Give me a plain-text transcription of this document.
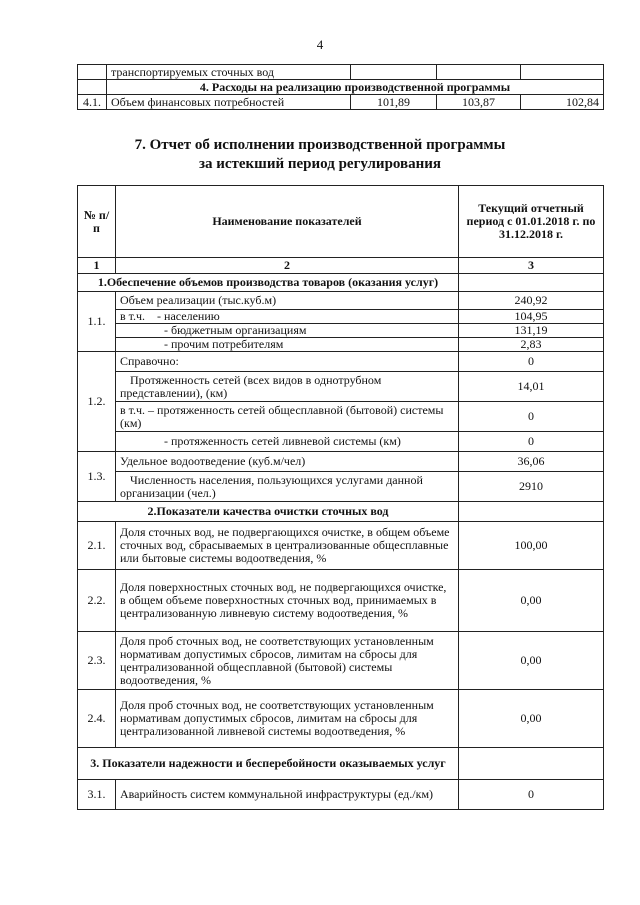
4
	транспортируемых сточных вод			
	4. Расходы на реализацию производственной программы			
4.1.	Объем финансовых потребностей	101,89	103,87	102,84
7. Отчет об исполнении производственной программы
за истекший период регулирования
№ п/п	Наименование показателей	Текущий отчетный период с 01.01.2018 г. по 31.12.2018 г.
1	2	3
1.Обеспечение объемов производства товаров (оказания услуг)		
1.1.	Объем реализации (тыс.куб.м)	240,92
	в т.ч. - населению	104,95
	- бюджетным организациям	131,19
	- прочим потребителям	2,83
1.2.	Справочно:	0
	Протяженность сетей (всех видов в однотрубном представлении), (км)	14,01
	в т.ч. – протяженность сетей общесплавной (бытовой) системы (км)	0
	- протяженность сетей ливневой системы (км)	0
1.3.	Удельное водоотведение (куб.м/чел)	36,06
	Численность населения, пользующихся услугами данной организации (чел.)	2910
2.Показатели качества очистки сточных вод		
2.1.	Доля сточных вод, не подвергающихся очистке, в общем объеме сточных вод, сбрасываемых в централизованные общесплавные или бытовые системы водоотведения, %	100,00
2.2.	Доля поверхностных сточных вод, не подвергающихся очистке, в общем объеме поверхностных сточных вод, принимаемых в централизованную ливневую систему водоотведения, %	0,00
2.3.	Доля проб сточных вод, не соответствующих установленным нормативам допустимых сбросов, лимитам на сбросы для централизованной общесплавной (бытовой) системы водоотведения, %	0,00
2.4.	Доля проб сточных вод, не соответствующих установленным нормативам допустимых сбросов, лимитам на сбросы для централизованной ливневой системы водоотведения, %	0,00
3. Показатели надежности и бесперебойности оказываемых услуг		
3.1.	Аварийность систем коммунальной инфраструктуры (ед./км)	0
